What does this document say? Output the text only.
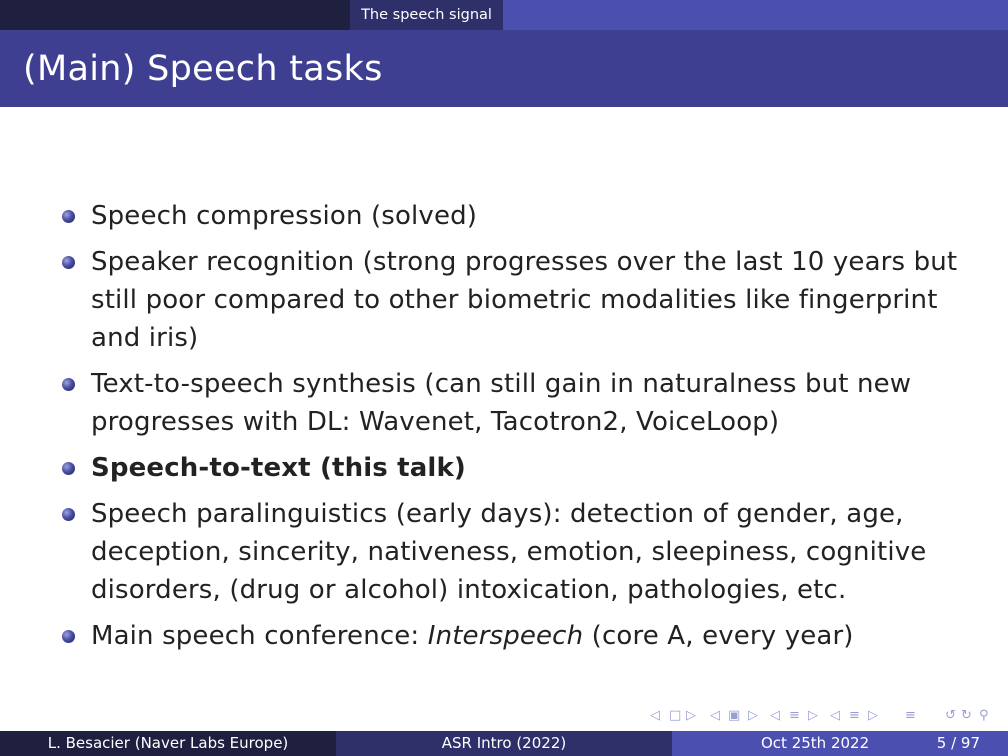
The speech signal
(Main) Speech tasks
Speech compression (solved)
Speaker recognition (strong progresses over the last 10 years but still poor compared to other biometric modalities like fingerprint and iris)
Text-to-speech synthesis (can still gain in naturalness but new progresses with DL: Wavenet, Tacotron2, VoiceLoop)
Speech-to-text (this talk)
Speech paralinguistics (early days): detection of gender, age, deception, sincerity, nativeness, emotion, sleepiness, cognitive disorders, (drug or alcohol) intoxication, pathologies, etc.
Main speech conference: Interspeech (core A, every year)
◁ □ ▷ ◁ ▣ ▷ ◁ ≡ ▷ ◁ ≡ ▷ ≡ ↺ ↻ ⚲
L. Besacier (Naver Labs Europe)	ASR Intro (2022)	Oct 25th 2022	5 / 97
